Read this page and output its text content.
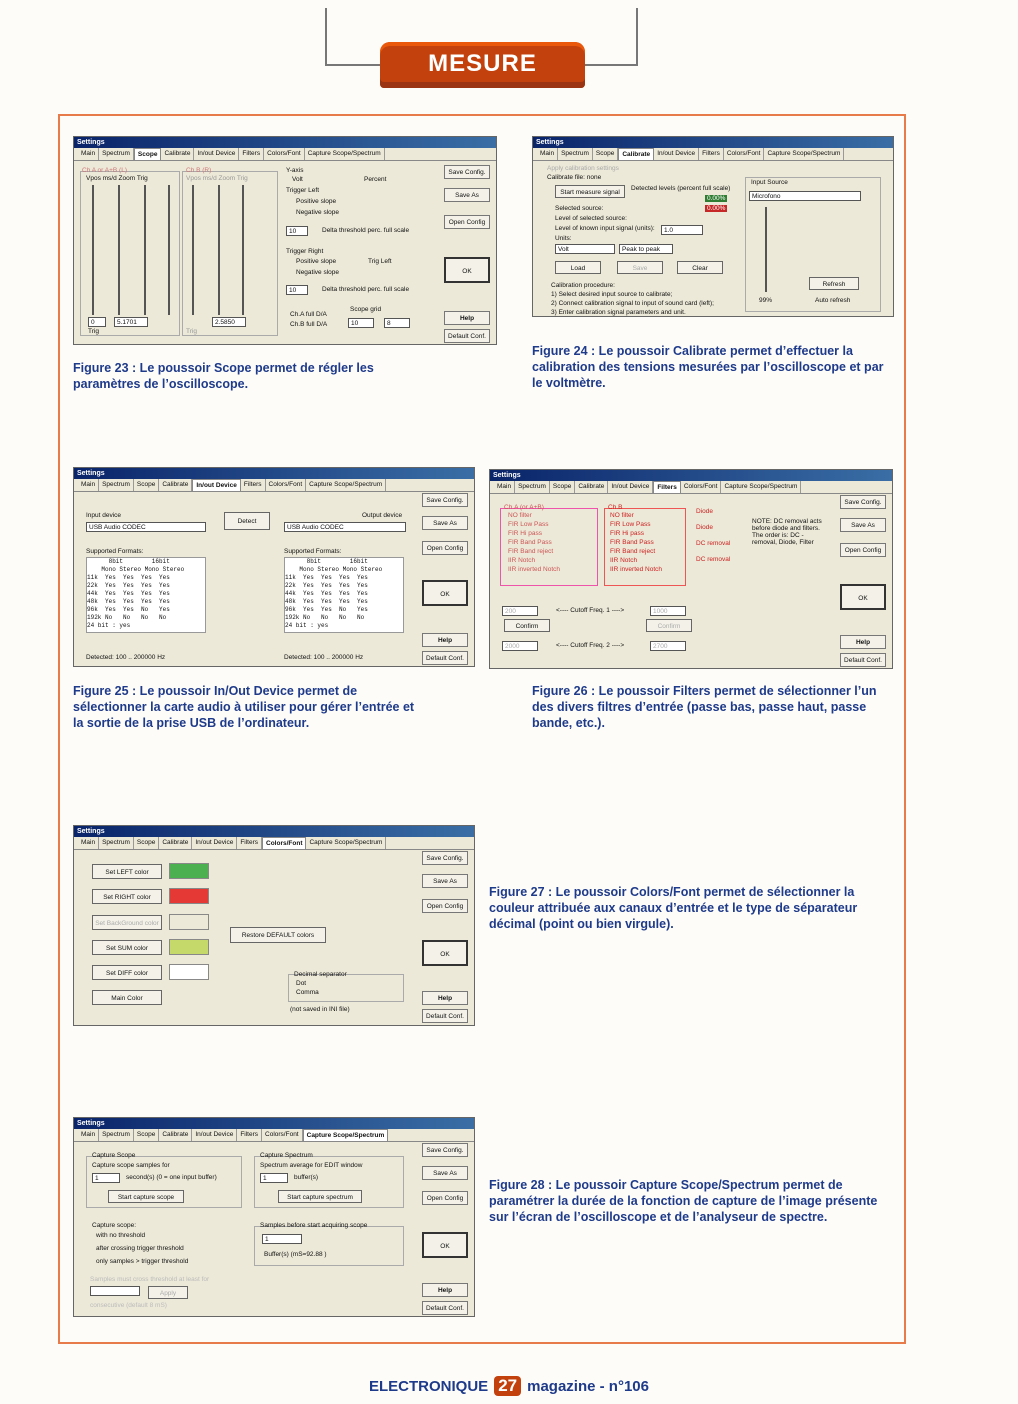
MESURE
Settings
Main	Spectrum	Scope	Calibrate	In/out Device	Filters	Colors/Font	Capture Scope/Spectrum
Ch A or A+B (L)
Vpos ms/d Zoom Trig
0	5.1701
Trig
Ch B (R)
Vpos ms/d Zoom Trig
2.5850
Trig
Y-axis
Volt	Percent
Trigger Left
Positive slope
Negative slope
10	Delta threshold perc. full scale
Trigger Right
Positive slope	Trig Left
Negative slope
10	Delta threshold perc. full scale
Ch.A full D/A
Ch.B full D/A
Scope grid
10	8
Save Config.
Save As
Open Config
OK
Help
Default Conf.
Figure 23 : Le poussoir Scope permet de régler les paramètres de l’oscilloscope.
Settings
Main	Spectrum	Scope	Calibrate	In/out Device	Filters	Colors/Font	Capture Scope/Spectrum
Apply calibration settings
Calibrate file: none
Start measure signal
Detected levels (percent full scale)
0.00%
0.00%
Selected source:
Level of selected source:
Level of known input signal (units):	1.0
Units:
Volt	Peak to peak
Load	Save	Clear
Calibration procedure:
1) Select desired input source to calibrate;
2) Connect calibration signal to input of sound card (left);
3) Enter calibration signal parameters and unit.
Input Source
Microfono
Refresh
99%	Auto refresh
Figure 24 : Le poussoir Calibrate permet d’effectuer la calibration des tensions mesurées par l’oscilloscope et par le voltmètre.
Settings
Main	Spectrum	Scope	Calibrate	In/out Device	Filters	Colors/Font	Capture Scope/Spectrum
Input device
USB Audio CODEC
Detect
Output device
USB Audio CODEC
Supported Formats:
8bit        16bit
Mono Stereo Mono Stereo
11k  Yes  Yes  Yes  Yes
22k  Yes  Yes  Yes  Yes
44k  Yes  Yes  Yes  Yes
48k  Yes  Yes  Yes  Yes
96k  Yes  Yes  No   Yes
192k No   No   No   No
24 bit : yes
Supported Formats:
8bit        16bit
Mono Stereo Mono Stereo
11k  Yes  Yes  Yes  Yes
22k  Yes  Yes  Yes  Yes
44k  Yes  Yes  Yes  Yes
48k  Yes  Yes  Yes  Yes
96k  Yes  Yes  No   Yes
192k No   No   No   No
24 bit : yes
Detected: 100 .. 200000 Hz	Detected: 100 .. 200000 Hz
Save Config.
Save As
Open Config
OK
Help
Default Conf.
Figure 25 : Le poussoir In/Out Device permet de sélectionner la carte audio à utiliser pour gérer l’entrée et la sortie de la prise USB de l’ordinateur.
Settings
Main	Spectrum	Scope	Calibrate	In/out Device	Filters	Colors/Font	Capture Scope/Spectrum
Ch.A (or A+B)
NO filter
FIR Low Pass
FIR Hi pass
FIR Band Pass
FIR Band reject
IIR Notch
IIR inverted Notch
Ch.B
NO filter
FIR Low Pass
FIR Hi pass
FIR Band Pass
FIR Band reject
IIR Notch
IIR inverted Notch
Diode
Diode
DC removal
DC removal
NOTE: DC removal acts
before diode and filters.
The order is: DC -
removal, Diode, Filter
200	<---- Cutoff Freq. 1 ---->	1000
Confirm	Confirm
2000	<---- Cutoff Freq. 2 ---->	2700
Save Config.
Save As
Open Config
OK
Help
Default Conf.
Figure 26 : Le poussoir Filters permet de sélectionner l’un des divers filtres d’entrée (passe bas, passe haut, passe bande, etc.).
Settings
Main	Spectrum	Scope	Calibrate	In/out Device	Filters	Colors/Font	Capture Scope/Spectrum
Set LEFT color
Set RIGHT color
Set BackGround color
Set SUM color
Set DIFF color
Main Color
Restore DEFAULT colors
Decimal separator
Dot
Comma
(not saved in INI file)
Save Config.
Save As
Open Config
OK
Help
Default Conf.
Figure 27 : Le poussoir Colors/Font permet de sélectionner la couleur attribuée aux canaux d’entrée et le type de séparateur décimal (point ou bien virgule).
Settings
Main	Spectrum	Scope	Calibrate	In/out Device	Filters	Colors/Font	Capture Scope/Spectrum
Capture Scope
Capture scope samples for
1	second(s) (0 = one input buffer)
Start capture scope
Capture Spectrum
Spectrum average for EDIT window
1	buffer(s)
Start capture spectrum
Capture scope:
with no threshold
after crossing trigger threshold
only samples > trigger threshold
Samples before start acquiring scope
1
Buffer(s) (mS=92.88 )
Samples must cross threshold at least for
Apply
consecutive (default 8 mS)
Save Config.
Save As
Open Config
OK
Help
Default Conf.
Figure 28 : Le poussoir Capture Scope/Spectrum permet de paramétrer la durée de la fonction de capture de l’image présente sur l’écran de l’oscilloscope et de l’analyseur de spectre.
ELECTRONIQUE 27 magazine - n°106
